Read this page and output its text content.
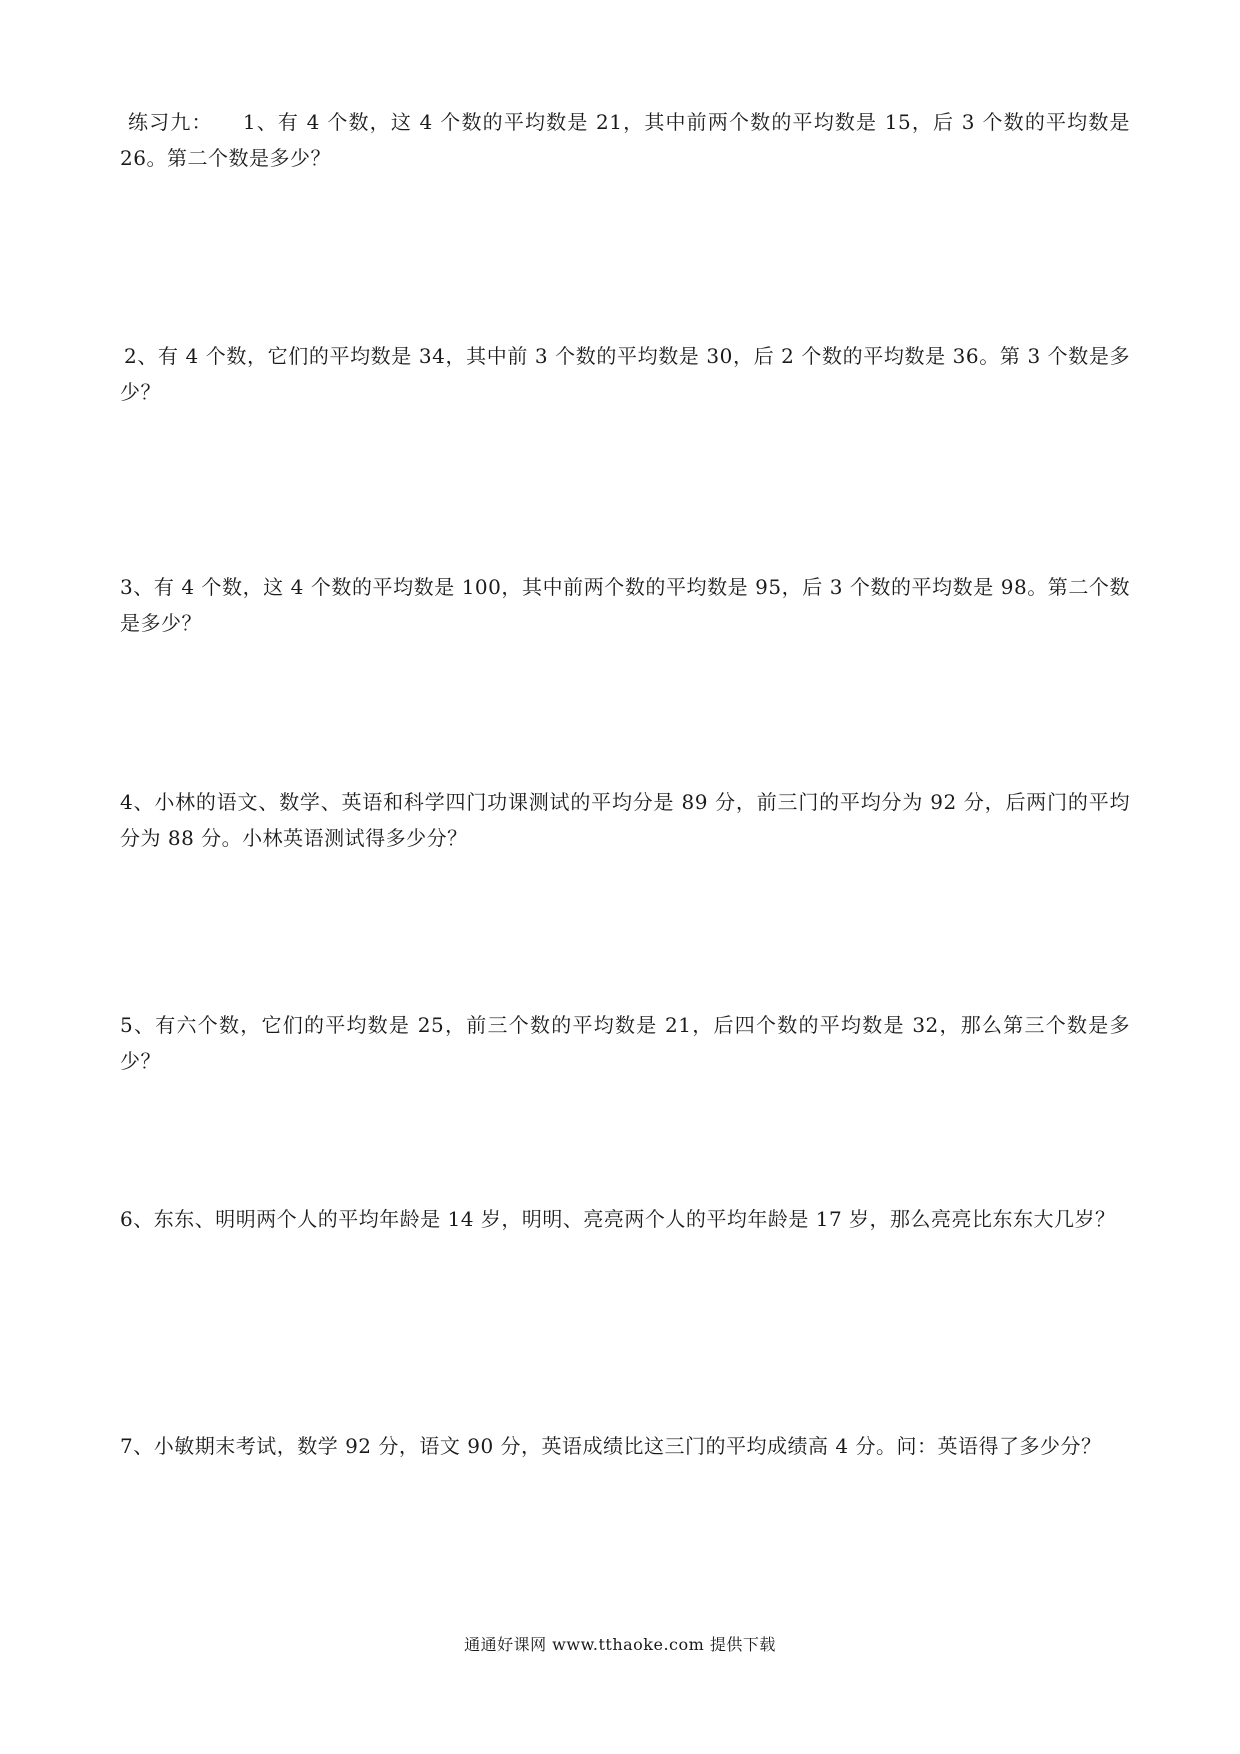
练习九： 1、有 4 个数，这 4 个数的平均数是 21，其中前两个数的平均数是 15，后 3 个数的平均数是 26。第二个数是多少？

2、有 4 个数，它们的平均数是 34，其中前 3 个数的平均数是 30，后 2 个数的平均数是 36。第 3 个数是多少？

3、有 4 个数，这 4 个数的平均数是 100，其中前两个数的平均数是 95，后 3 个数的平均数是 98。第二个数是多少？

4、小林的语文、数学、英语和科学四门功课测试的平均分是 89 分，前三门的平均分为 92 分，后两门的平均分为 88 分。小林英语测试得多少分？

5、有六个数，它们的平均数是 25，前三个数的平均数是 21，后四个数的平均数是 32，那么第三个数是多少？

6、东东、明明两个人的平均年龄是 14 岁，明明、亮亮两个人的平均年龄是 17 岁，那么亮亮比东东大几岁？

7、小敏期末考试，数学 92 分，语文 90 分，英语成绩比这三门的平均成绩高 4 分。问：英语得了多少分？

通通好课网 www.tthaoke.com 提供下载
